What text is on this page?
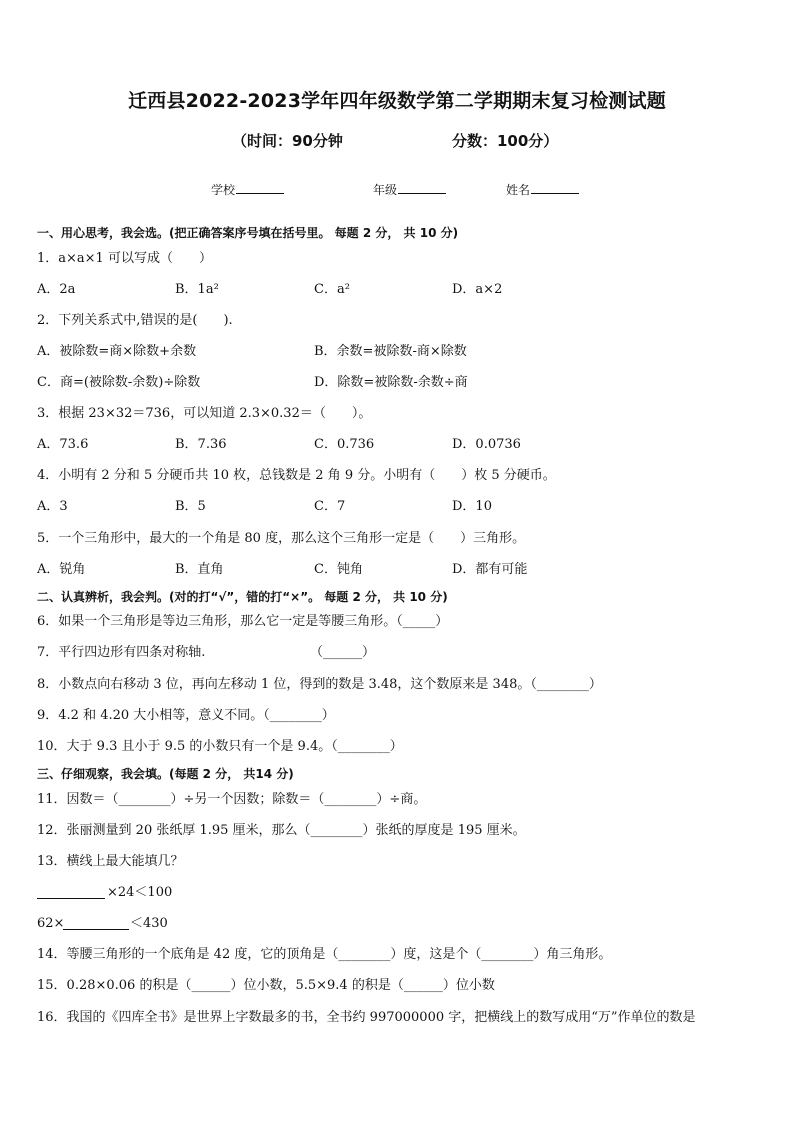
迁西县2022-2023学年四年级数学第二学期期末复习检测试题
（时间：90分钟	分数：100分）
学校	年级	姓名
一、用心思考，我会选。(把正确答案序号填在括号里。 每题 2 分， 共 10 分)
1．a×a×1 可以写成（　　）
A．2a	B．1a²	C．a²	D．a×2
2．下列关系式中,错误的是(　　).
A．被除数=商×除数+余数	B．余数=被除数-商×除数
C．商=(被除数-余数)÷除数	D．除数=被除数-余数÷商
3．根据 23×32＝736，可以知道 2.3×0.32＝（　　）。
A．73.6	B．7.36	C．0.736	D．0.0736
4．小明有 2 分和 5 分硬币共 10 枚，总钱数是 2 角 9 分。小明有（　　）枚 5 分硬币。
A．3	B．5	C．7	D．10
5．一个三角形中，最大的一个角是 80 度，那么这个三角形一定是（　　）三角形。
A．锐角	B．直角	C．钝角	D．都有可能
二、认真辨析，我会判。(对的打“√”，错的打“×”。 每题 2 分， 共 10 分)
6．如果一个三角形是等边三角形，那么它一定是等腰三角形。（_____）
7．平行四边形有四条对称轴.	（______）
8．小数点向右移动 3 位，再向左移动 1 位，得到的数是 3.48，这个数原来是 348。（________）
9．4.2 和 4.20 大小相等，意义不同。（________）
10．大于 9.3 且小于 9.5 的小数只有一个是 9.4。（________）
三、仔细观察，我会填。(每题 2 分， 共14 分)
11．因数＝（________）÷另一个因数；除数＝（________）÷商。
12．张丽测量到 20 张纸厚 1.95 厘米，那么（________）张纸的厚度是 195 厘米。
13．横线上最大能填几？
×24＜100
62×	＜430
14．等腰三角形的一个底角是 42 度，它的顶角是（________）度，这是个（________）角三角形。
15．0.28×0.06 的积是（______）位小数，5.5×9.4 的积是（______）位小数
16．我国的《四库全书》是世界上字数最多的书，全书约 997000000 字，把横线上的数写成用“万”作单位的数是
